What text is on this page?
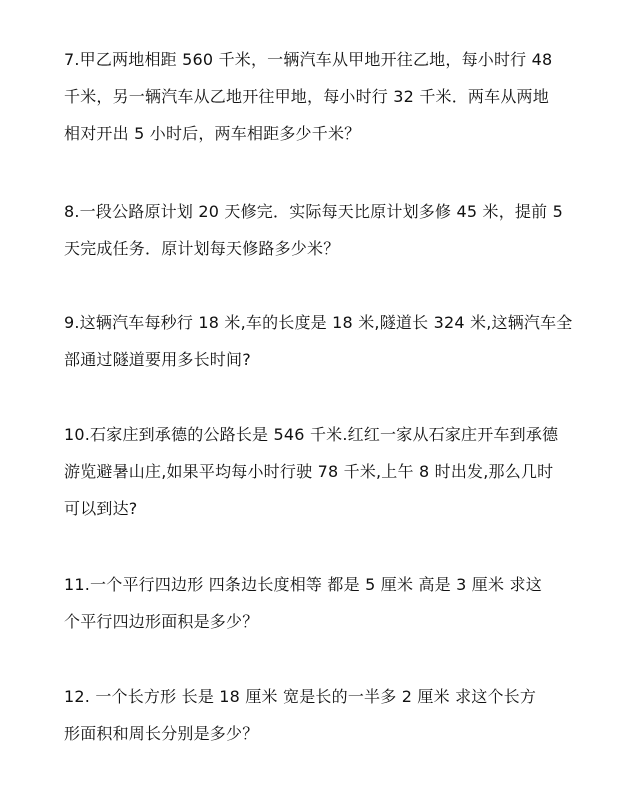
7.甲乙两地相距 560 千米，一辆汽车从甲地开往乙地，每小时行 48
千米，另一辆汽车从乙地开往甲地，每小时行 32 千米．两车从两地
相对开出 5 小时后，两车相距多少千米？
8.一段公路原计划 20 天修完．实际每天比原计划多修 45 米，提前 5
天完成任务．原计划每天修路多少米？
9.这辆汽车每秒行 18 米,车的长度是 18 米,隧道长 324 米,这辆汽车全
部通过隧道要用多长时间?
10.石家庄到承德的公路长是 546 千米.红红一家从石家庄开车到承德
游览避暑山庄,如果平均每小时行驶 78 千米,上午 8 时出发,那么几时
可以到达?
11.一个平行四边形 四条边长度相等 都是 5 厘米 高是 3 厘米 求这
个平行四边形面积是多少？
12. 一个长方形 长是 18 厘米 宽是长的一半多 2 厘米 求这个长方
形面积和周长分别是多少？
